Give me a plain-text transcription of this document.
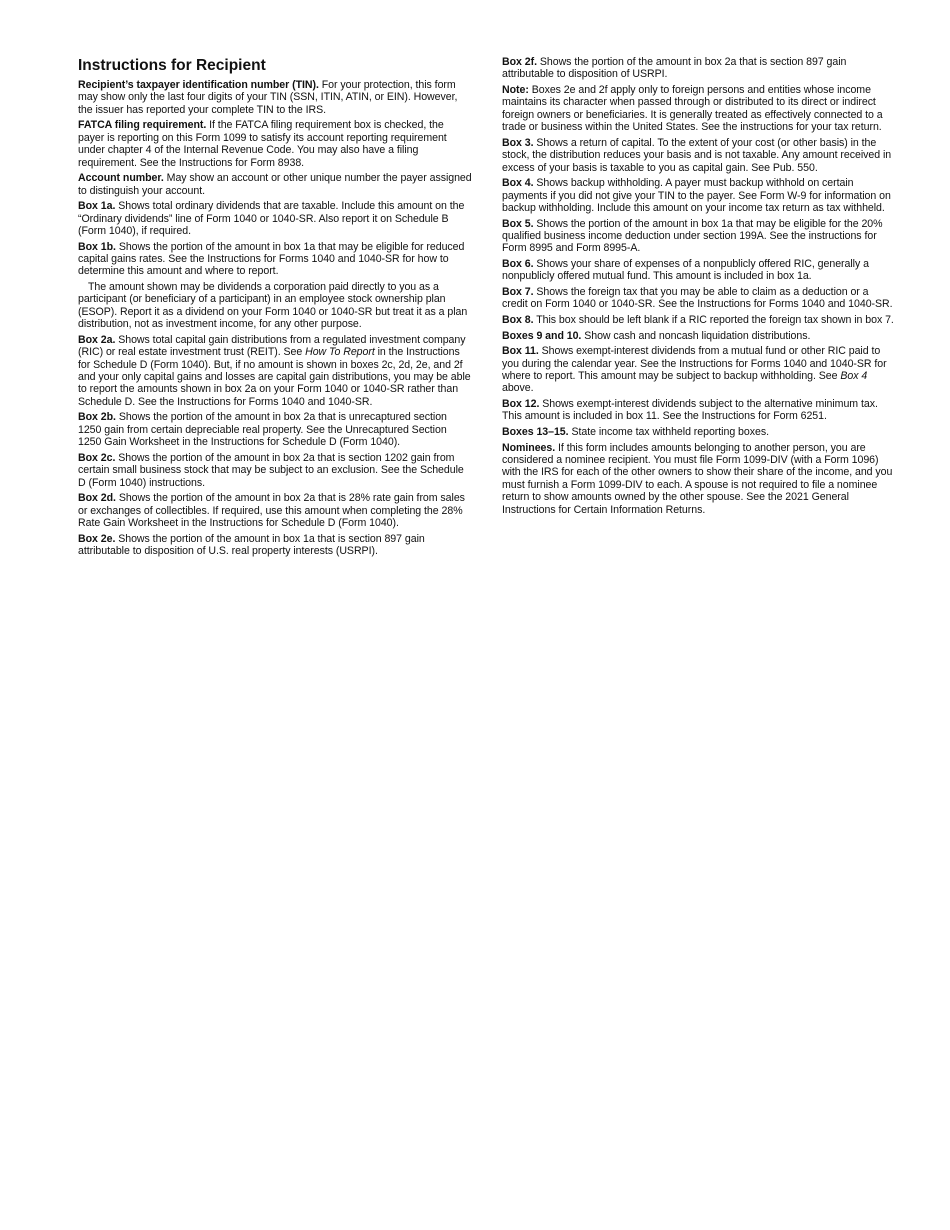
Instructions for Recipient

Recipient’s taxpayer identification number (TIN). For your protection, this form may show only the last four digits of your TIN (SSN, ITIN, ATIN, or EIN). However, the issuer has reported your complete TIN to the IRS.

FATCA filing requirement. If the FATCA filing requirement box is checked, the payer is reporting on this Form 1099 to satisfy its account reporting requirement under chapter 4 of the Internal Revenue Code. You may also have a filing requirement. See the Instructions for Form 8938.

Account number. May show an account or other unique number the payer assigned to distinguish your account.

Box 1a. Shows total ordinary dividends that are taxable. Include this amount on the “Ordinary dividends” line of Form 1040 or 1040-SR. Also report it on Schedule B (Form 1040), if required.

Box 1b. Shows the portion of the amount in box 1a that may be eligible for reduced capital gains rates. See the Instructions for Forms 1040 and 1040-SR for how to determine this amount and where to report.

The amount shown may be dividends a corporation paid directly to you as a participant (or beneficiary of a participant) in an employee stock ownership plan (ESOP). Report it as a dividend on your Form 1040 or 1040-SR but treat it as a plan distribution, not as investment income, for any other purpose.

Box 2a. Shows total capital gain distributions from a regulated investment company (RIC) or real estate investment trust (REIT). See How To Report in the Instructions for Schedule D (Form 1040). But, if no amount is shown in boxes 2c, 2d, 2e, and 2f and your only capital gains and losses are capital gain distributions, you may be able to report the amounts shown in box 2a on your Form 1040 or 1040-SR rather than Schedule D. See the Instructions for Forms 1040 and 1040-SR.

Box 2b. Shows the portion of the amount in box 2a that is unrecaptured section 1250 gain from certain depreciable real property. See the Unrecaptured Section 1250 Gain Worksheet in the Instructions for Schedule D (Form 1040).

Box 2c. Shows the portion of the amount in box 2a that is section 1202 gain from certain small business stock that may be subject to an exclusion. See the Schedule D (Form 1040) instructions.

Box 2d. Shows the portion of the amount in box 2a that is 28% rate gain from sales or exchanges of collectibles. If required, use this amount when completing the 28% Rate Gain Worksheet in the Instructions for Schedule D (Form 1040).

Box 2e. Shows the portion of the amount in box 1a that is section 897 gain attributable to disposition of U.S. real property interests (USRPI).

Box 2f. Shows the portion of the amount in box 2a that is section 897 gain attributable to disposition of USRPI.

Note: Boxes 2e and 2f apply only to foreign persons and entities whose income maintains its character when passed through or distributed to its direct or indirect foreign owners or beneficiaries. It is generally treated as effectively connected to a trade or business within the United States. See the instructions for your tax return.

Box 3. Shows a return of capital. To the extent of your cost (or other basis) in the stock, the distribution reduces your basis and is not taxable. Any amount received in excess of your basis is taxable to you as capital gain. See Pub. 550.

Box 4. Shows backup withholding. A payer must backup withhold on certain payments if you did not give your TIN to the payer. See Form W-9 for information on backup withholding. Include this amount on your income tax return as tax withheld.

Box 5. Shows the portion of the amount in box 1a that may be eligible for the 20% qualified business income deduction under section 199A. See the instructions for Form 8995 and Form 8995-A.

Box 6. Shows your share of expenses of a nonpublicly offered RIC, generally a nonpublicly offered mutual fund. This amount is included in box 1a.

Box 7. Shows the foreign tax that you may be able to claim as a deduction or a credit on Form 1040 or 1040-SR. See the Instructions for Forms 1040 and 1040-SR.

Box 8. This box should be left blank if a RIC reported the foreign tax shown in box 7.

Boxes 9 and 10. Show cash and noncash liquidation distributions.

Box 11. Shows exempt-interest dividends from a mutual fund or other RIC paid to you during the calendar year. See the Instructions for Forms 1040 and 1040-SR for where to report. This amount may be subject to backup withholding. See Box 4 above.

Box 12. Shows exempt-interest dividends subject to the alternative minimum tax. This amount is included in box 11. See the Instructions for Form 6251.

Boxes 13–15. State income tax withheld reporting boxes.

Nominees. If this form includes amounts belonging to another person, you are considered a nominee recipient. You must file Form 1099-DIV (with a Form 1096) with the IRS for each of the other owners to show their share of the income, and you must furnish a Form 1099-DIV to each. A spouse is not required to file a nominee return to show amounts owned by the other spouse. See the 2021 General Instructions for Certain Information Returns.
